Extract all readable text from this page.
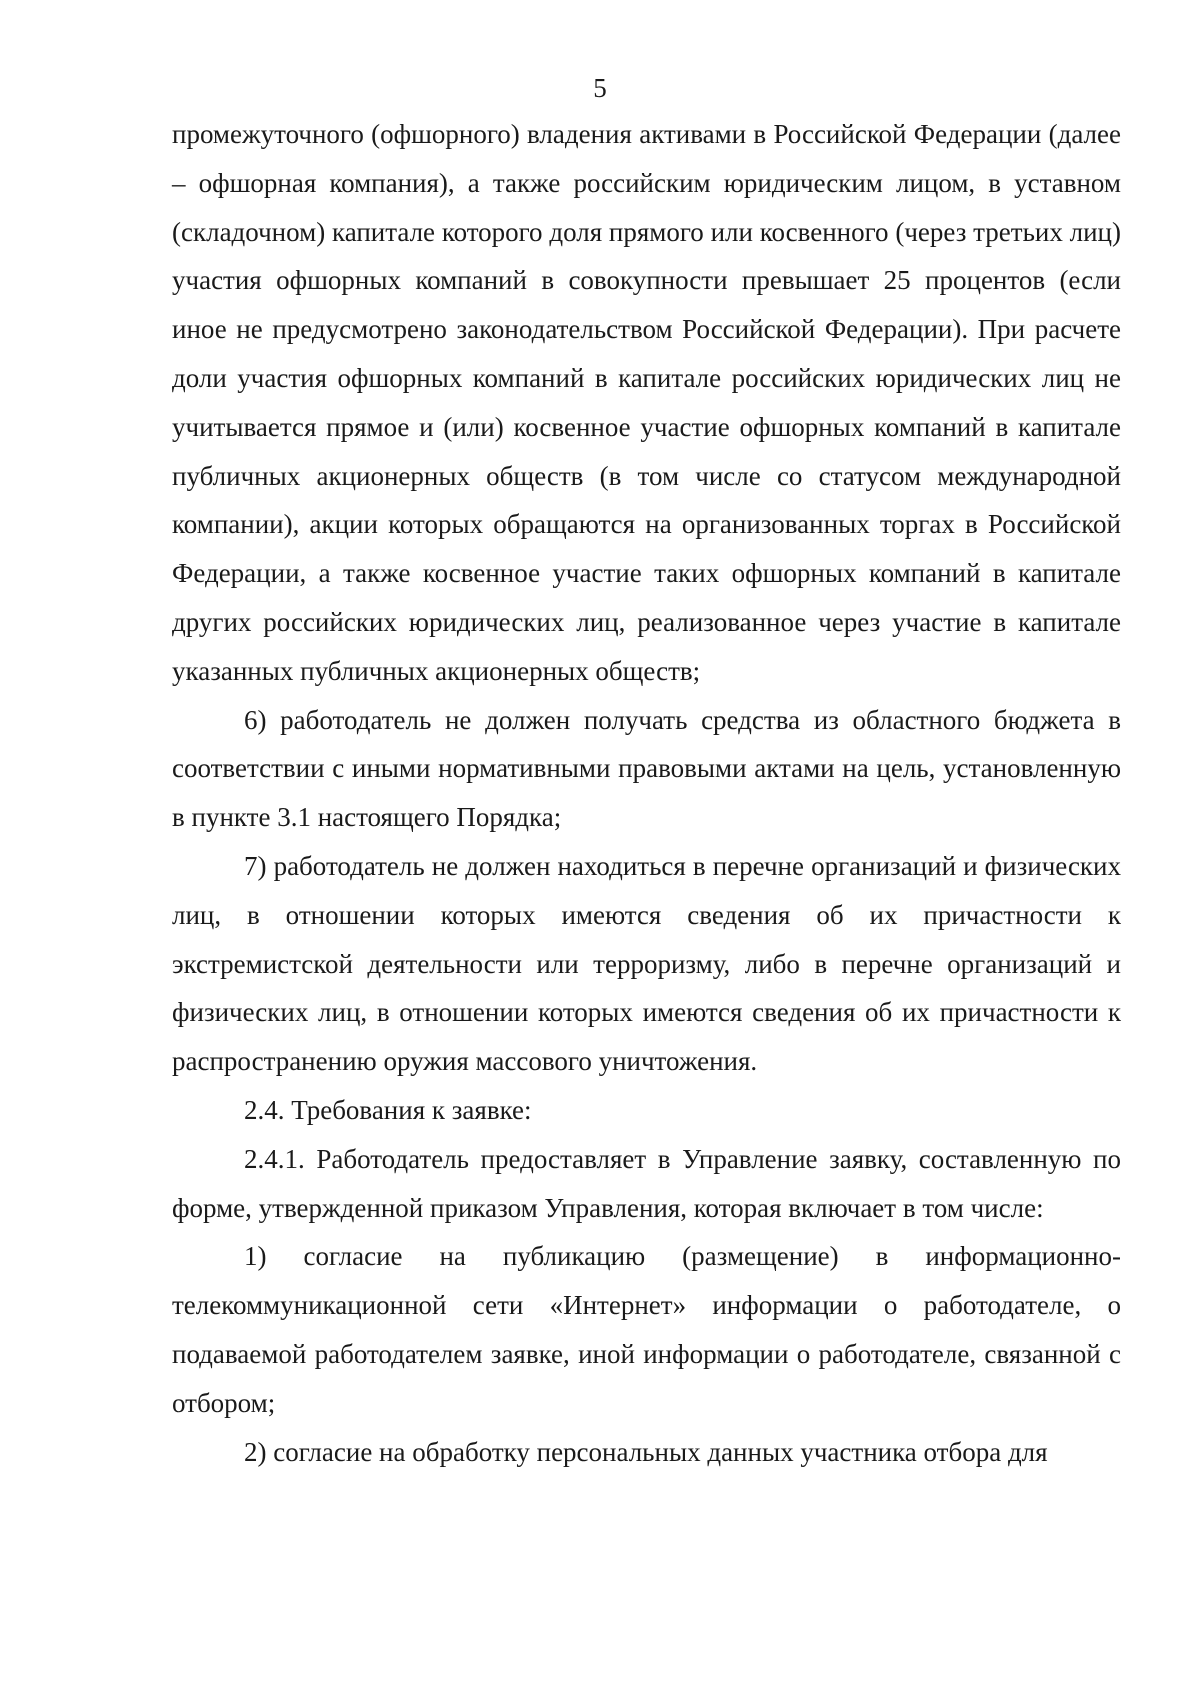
5

промежуточного (офшорного) владения активами в Российской Федерации (далее – офшорная компания), а также российским юридическим лицом, в уставном (складочном) капитале которого доля прямого или косвенного (через третьих лиц) участия офшорных компаний в совокупности превышает 25 процентов (если иное не предусмотрено законодательством Российской Федерации). При расчете доли участия офшорных компаний в капитале российских юридических лиц не учитывается прямое и (или) косвенное участие офшорных компаний в капитале публичных акционерных обществ (в том числе со статусом международной компании), акции которых обращаются на организованных торгах в Российской Федерации, а также косвенное участие таких офшорных компаний в капитале других российских юридических лиц, реализованное через участие в капитале указанных публичных акционерных обществ;

6) работодатель не должен получать средства из областного бюджета в соответствии с иными нормативными правовыми актами на цель, установленную в пункте 3.1 настоящего Порядка;

7) работодатель не должен находиться в перечне организаций и физических лиц, в отношении которых имеются сведения об их причастности к экстремистской деятельности или терроризму, либо в перечне организаций и физических лиц, в отношении которых имеются сведения об их причастности к распространению оружия массового уничтожения.

2.4. Требования к заявке:

2.4.1. Работодатель предоставляет в Управление заявку, составленную по форме, утвержденной приказом Управления, которая включает в том числе:

1) согласие на публикацию (размещение) в информационно-телекоммуникационной сети «Интернет» информации о работодателе, о подаваемой работодателем заявке, иной информации о работодателе, связанной с отбором;

2) согласие на обработку персональных данных участника отбора для
